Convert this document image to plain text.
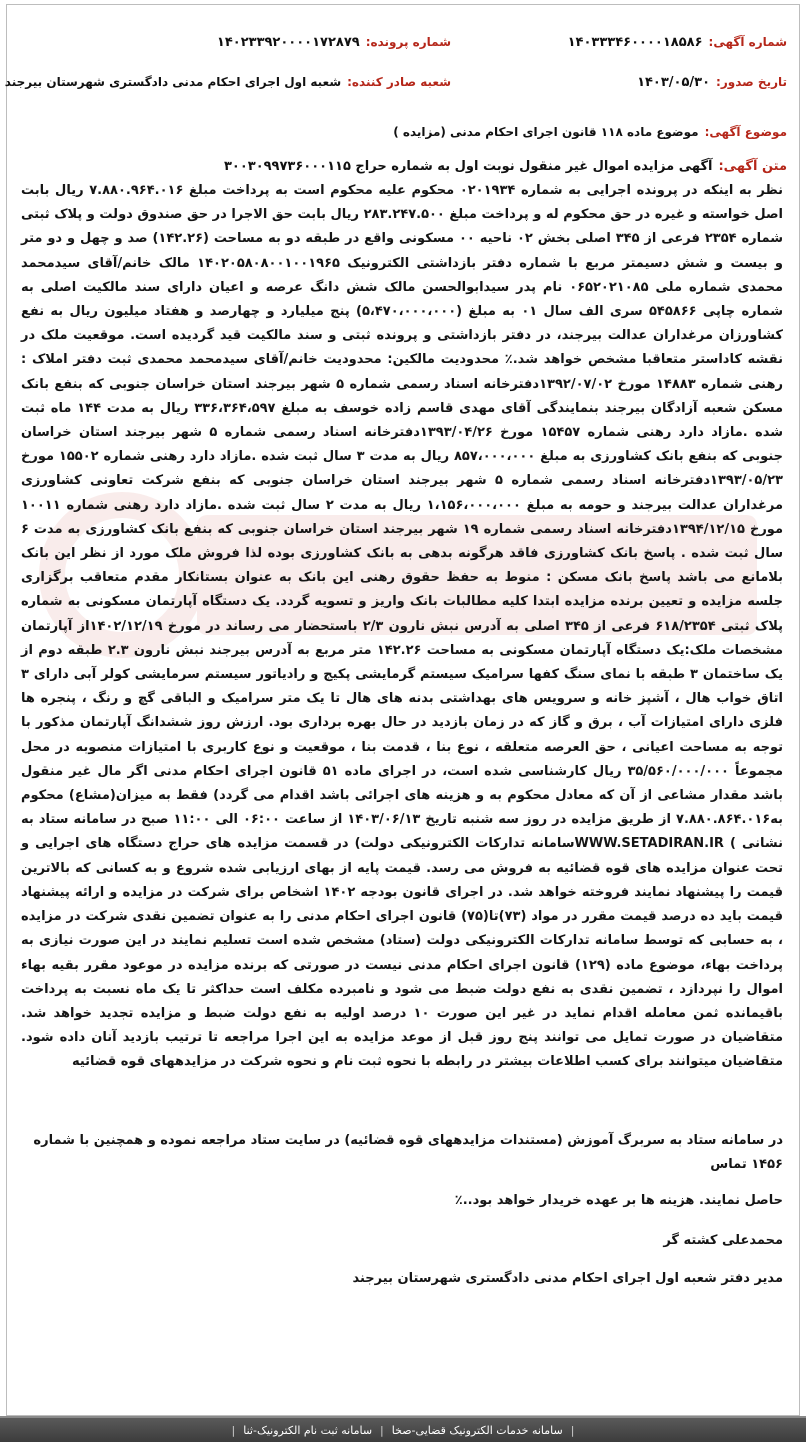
شماره آگهی:
۱۴۰۳۳۳۴۶۰۰۰۰۱۸۵۸۶
شماره پرونده:
۱۴۰۲۳۳۹۲۰۰۰۰۱۷۲۸۷۹
تاریخ صدور:
۱۴۰۳/۰۵/۳۰
شعبه صادر کننده:
شعبه اول اجرای احکام مدنی دادگستری شهرستان بیرجند
موضوع آگهی:
موضوع ماده ۱۱۸ قانون اجرای احکام مدنی (مزایده )
متن آگهی:
آگهی مزایده اموال غیر منقول نوبت اول به شماره حراج ۳۰۰۳۰۹۹۷۳۶۰۰۰۱۱۵

نظر به اینکه در پرونده اجرایی به شماره ۰۲۰۱۹۳۴ محکوم علیه محکوم است به پرداخت مبلغ ۷.۸۸۰.۹۶۴.۰۱۶ ریال بابت اصل خواسته و غیره در حق محکوم له و پرداخت مبلغ ۲۸۳.۲۴۷.۵۰۰ ریال بابت حق الاجرا در حق صندوق دولت و پلاک ثبتی شماره ۲۳۵۴ فرعی از ۳۴۵ اصلی بخش ۰۲ ناحیه ۰۰ مسکونی واقع در طبقه دو به مساحت (۱۴۲.۲۶) صد و چهل و دو متر و بیست و شش دسیمتر مربع با شماره دفتر بازداشتی الکترونیک ۱۴۰۲۰۵۸۰۸۰۰۱۰۰۱۹۶۵ مالک خانم/آقای سیدمحمد محمدی شماره ملی ۰۶۵۲۰۲۱۰۸۵ نام پدر سیدابوالحسن مالک شش دانگ عرصه و اعیان دارای سند مالکیت اصلی به شماره چاپی ۵۴۵۸۶۶ سری الف سال ۰۱ به مبلغ (۵،۴۷۰،۰۰۰،۰۰۰) پنج میلیارد و چهارصد و هفتاد میلیون ریال به نفع کشاورزان مرغداران عدالت بیرجند، در دفتر بازداشتی و پرونده ثبتی و سند مالکیت قید گردیده است. موقعیت ملک در نقشه کاداستر متعاقبا مشخص خواهد شد.٪ محدودیت مالکین: محدودیت خانم/آقای سیدمحمد محمدی ثبت دفتر املاک : رهنی شماره ۱۴۸۸۳ مورخ ۱۳۹۲/۰۷/۰۲دفترخانه اسناد رسمی شماره ۵ شهر بیرجند استان خراسان جنوبی که بنفع بانک مسکن شعبه آزادگان بیرجند بنمایندگی آقای مهدی قاسم زاده خوسف به مبلغ ۳۳۶،۳۶۴،۵۹۷ ریال به مدت ۱۴۴ ماه ثبت شده .مازاد دارد رهنی شماره ۱۵۴۵۷ مورخ ۱۳۹۳/۰۴/۲۶دفترخانه اسناد رسمی شماره ۵ شهر بیرجند استان خراسان جنوبی که بنفع بانک کشاورزی به مبلغ ۸۵۷،۰۰۰،۰۰۰ ریال به مدت ۳ سال ثبت شده .مازاد دارد رهنی شماره ۱۵۵۰۲ مورخ ۱۳۹۳/۰۵/۲۳دفترخانه اسناد رسمی شماره ۵ شهر بیرجند استان خراسان جنوبی که بنفع شرکت تعاونی کشاورزی مرغداران عدالت بیرجند و حومه به مبلغ ۱،۱۵۶،۰۰۰،۰۰۰ ریال به مدت ۲ سال ثبت شده .مازاد دارد رهنی شماره ۱۰۰۱۱ مورخ ۱۳۹۴/۱۲/۱۵دفترخانه اسناد رسمی شماره ۱۹ شهر بیرجند استان خراسان جنوبی که بنفع بانک کشاورزی به مدت ۶ سال ثبت شده . پاسخ بانک کشاورزی فاقد هرگونه بدهی به بانک کشاورزی بوده لذا فروش ملک مورد از نظر این بانک بلامانع می باشد پاسخ بانک مسکن : منوط به حفظ حقوق رهنی این بانک به عنوان بستانکار مقدم متعاقب برگزاری جلسه مزایده و تعیین برنده مزایده ابتدا کلیه مطالبات بانک واریز و تسویه گردد. یک دستگاه آپارتمان مسکونی به شماره پلاک ثبتی ۶۱۸/۲۳۵۴ فرعی از ۳۴۵ اصلی به آدرس نبش نارون ۲/۳ باستحضار می رساند در مورخ ۱۴۰۲/۱۲/۱۹از آپارتمان مشخصات ملک:یک دستگاه آپارتمان مسکونی به مساحت ۱۴۲.۲۶ متر مربع به آدرس بیرجند نبش نارون ۲.۳ طبقه دوم از یک ساختمان ۳ طبقه با نمای سنگ کفها سرامیک سیستم گرمایشی پکیج و رادیاتور سیستم سرمایشی کولر آبی دارای ۳ اتاق خواب هال ، آشپز خانه و سرویس های بهداشتی بدنه های هال تا یک متر سرامیک و الباقی گچ و رنگ ، پنجره ها فلزی دارای امتیازات آب ، برق و گاز که در زمان بازدید در حال بهره برداری بود. ارزش روز ششدانگ آپارتمان مذکور با توجه به مساحت اعیانی ، حق العرصه متعلقه ، نوع بنا ، قدمت بنا ، موقعیت و نوع کاربری با امتیازات منصوبه در محل مجموعاً ۳۵/۵۶۰/۰۰۰/۰۰۰ ریال کارشناسی شده است، در اجرای ماده ۵۱ قانون اجرای احکام مدنی اگر مال غیر منقول باشد مقدار مشاعی از آن که معادل محکوم به و هزینه های اجرائی باشد اقدام می گردد) فقط به میزان(مشاع) محکوم به۷.۸۸۰.۸۶۴.۰۱۶ از طریق مزایده در روز سه شنبه تاریخ ۱۴۰۳/۰۶/۱۳ از ساعت ۰۶:۰۰ الی ۱۱:۰۰ صبح در سامانه ستاد به نشانی ) WWW.SETADIRAN.IRسامانه تدارکات الکترونیکی دولت) در قسمت مزایده های حراج دستگاه های اجرایی و تحت عنوان مزایده های قوه قضائیه به فروش می رسد. قیمت پایه از بهای ارزیابی شده شروع و به کسانی که بالاترین قیمت را پیشنهاد نمایند فروخته خواهد شد. در اجرای قانون بودجه ۱۴۰۲ اشخاص برای شرکت در مزایده و ارائه پیشنهاد قیمت باید ده درصد قیمت مقرر در مواد (۷۳)تا(۷۵) قانون اجرای احکام مدنی را به عنوان تضمین نقدی شرکت در مزایده ، به حسابی که توسط سامانه تدارکات الکترونیکی دولت (ستاد) مشخص شده است تسلیم نمایند در این صورت نیازی به پرداخت بهاء، موضوع ماده (۱۲۹) قانون اجرای احکام مدنی نیست در صورتی که برنده مزایده در موعود مقرر بقیه بهاء اموال را نپردازد ، تضمین نقدی به نفع دولت ضبط می شود و نامبرده مکلف است حداکثر تا یک ماه نسبت به پرداخت باقیمانده ثمن معامله اقدام نماید در غیر این صورت ۱۰ درصد اولیه به نفع دولت ضبط و مزایده تجدید خواهد شد. متقاضیان در صورت تمایل می توانند پنج روز قبل از موعد مزایده به این اجرا مراجعه تا ترتیب بازدید آنان داده شود. متقاضیان میتوانند برای کسب اطلاعات بیشتر در رابطه با نحوه ثبت نام و نحوه شرکت در مزایدههای قوه قضائیه

در سامانه ستاد به سربرگ آموزش (مستندات مزایدههای قوه قضائیه) در سایت ستاد مراجعه نموده و همچنین با شماره ۱۴۵۶ تماس
حاصل نمایند. هزینه ها بر عهده خریدار خواهد بود..٪
محمدعلی کشته گر
مدیر دفتر شعبه اول اجرای احکام مدنی دادگستری شهرستان بیرجند
|
سامانه خدمات الکترونیک قضایی-صخا
|
سامانه ثبت نام الکترونیک-ثنا
|
